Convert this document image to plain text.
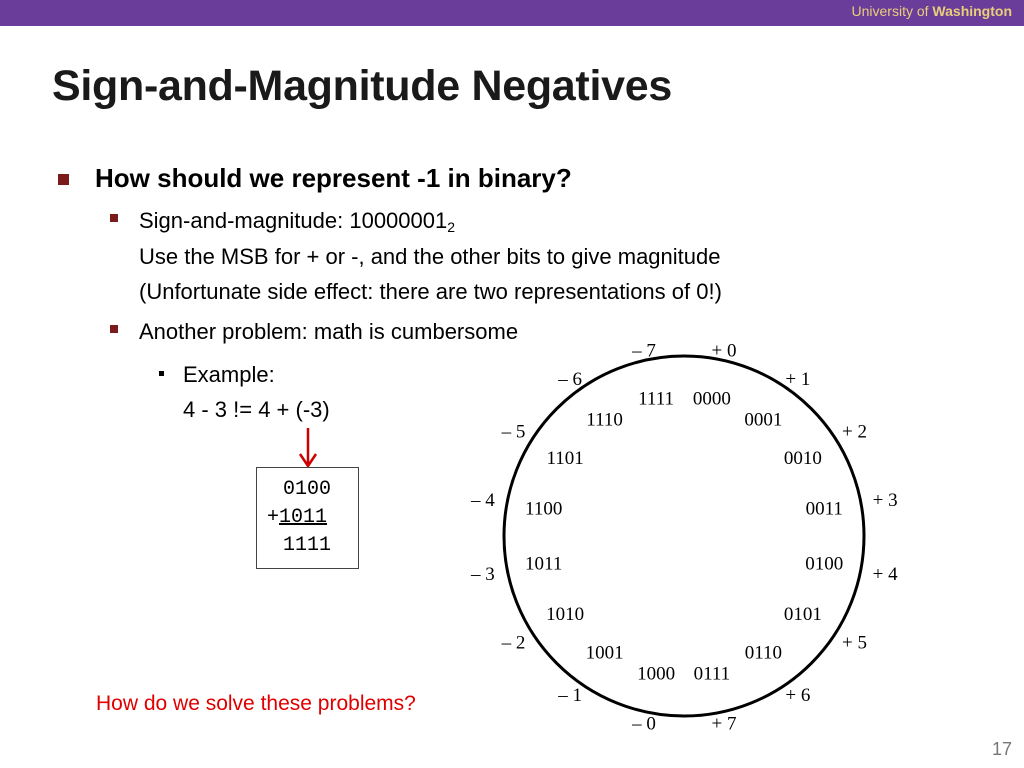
University of Washington
Sign-and-Magnitude Negatives
How should we represent -1 in binary?
Sign-and-magnitude: $10000001_2$
Use the MSB for + or -, and the other bits to give magnitude
(Unfortunate side effect: there are two representations of 0!)
Another problem: math is cumbersome
Example:
4 - 3 != 4 + (-3)
0100
+1011
1111
0000
+ 0
0001
+ 1
0010
+ 2
0011 + 3
0100
+ 4
0101
+ 5
0110
+ 6
0111
+ 7
1000
– 0
1001
– 1
1010
– 2
1011
– 3
1100
– 4
1101
– 5
1110
– 6
1111
– 7
How do we solve these problems?
17
